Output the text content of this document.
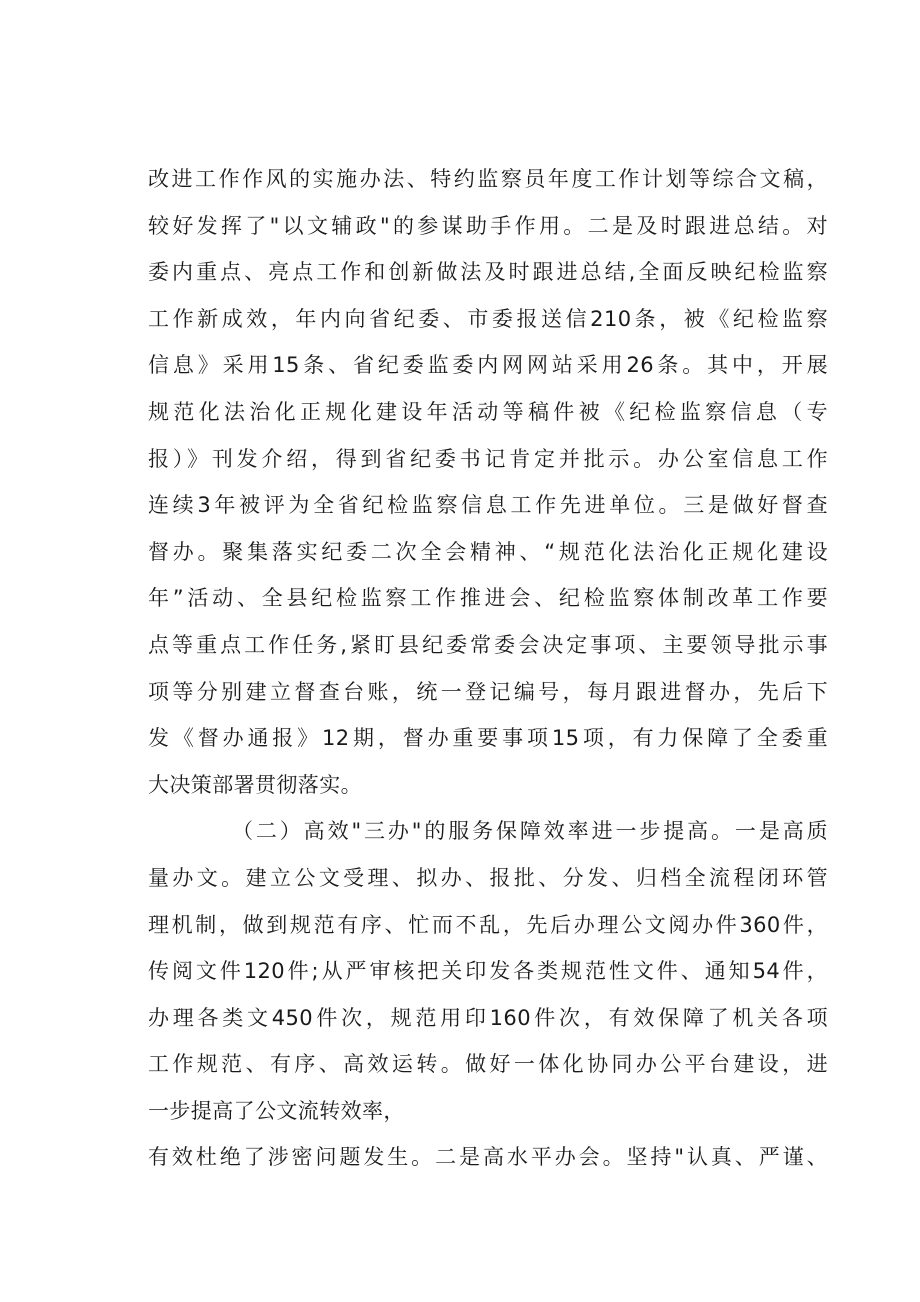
改进工作作风的实施办法、特约监察员年度工作计划等综合文稿，
较好发挥了"以文辅政"的参谋助手作用。二是及时跟进总结。对
委内重点、亮点工作和创新做法及时跟进总结,全面反映纪检监察
工作新成效，年内向省纪委、市委报送信210条，被《纪检监察
信息》采用15条、省纪委监委内网网站采用26条。其中，开展
规范化法治化正规化建设年活动等稿件被《纪检监察信息（专
报）》刊发介绍，得到省纪委书记肯定并批示。办公室信息工作
连续3年被评为全省纪检监察信息工作先进单位。三是做好督查
督办。聚集落实纪委二次全会精神、“规范化法治化正规化建设
年”活动、全县纪检监察工作推进会、纪检监察体制改革工作要
点等重点工作任务,紧盯县纪委常委会决定事项、主要领导批示事
项等分别建立督查台账，统一登记编号，每月跟进督办，先后下
发《督办通报》12期，督办重要事项15项，有力保障了全委重
大决策部署贯彻落实。
（二）高效"三办"的服务保障效率进一步提高。一是高质
量办文。建立公文受理、拟办、报批、分发、归档全流程闭环管
理机制，做到规范有序、忙而不乱，先后办理公文阅办件360件，
传阅文件120件;从严审核把关印发各类规范性文件、通知54件，
办理各类文450件次，规范用印160件次，有效保障了机关各项
工作规范、有序、高效运转。做好一体化协同办公平台建设，进
一步提高了公文流转效率，
有效杜绝了涉密问题发生。二是高水平办会。坚持"认真、严谨、
